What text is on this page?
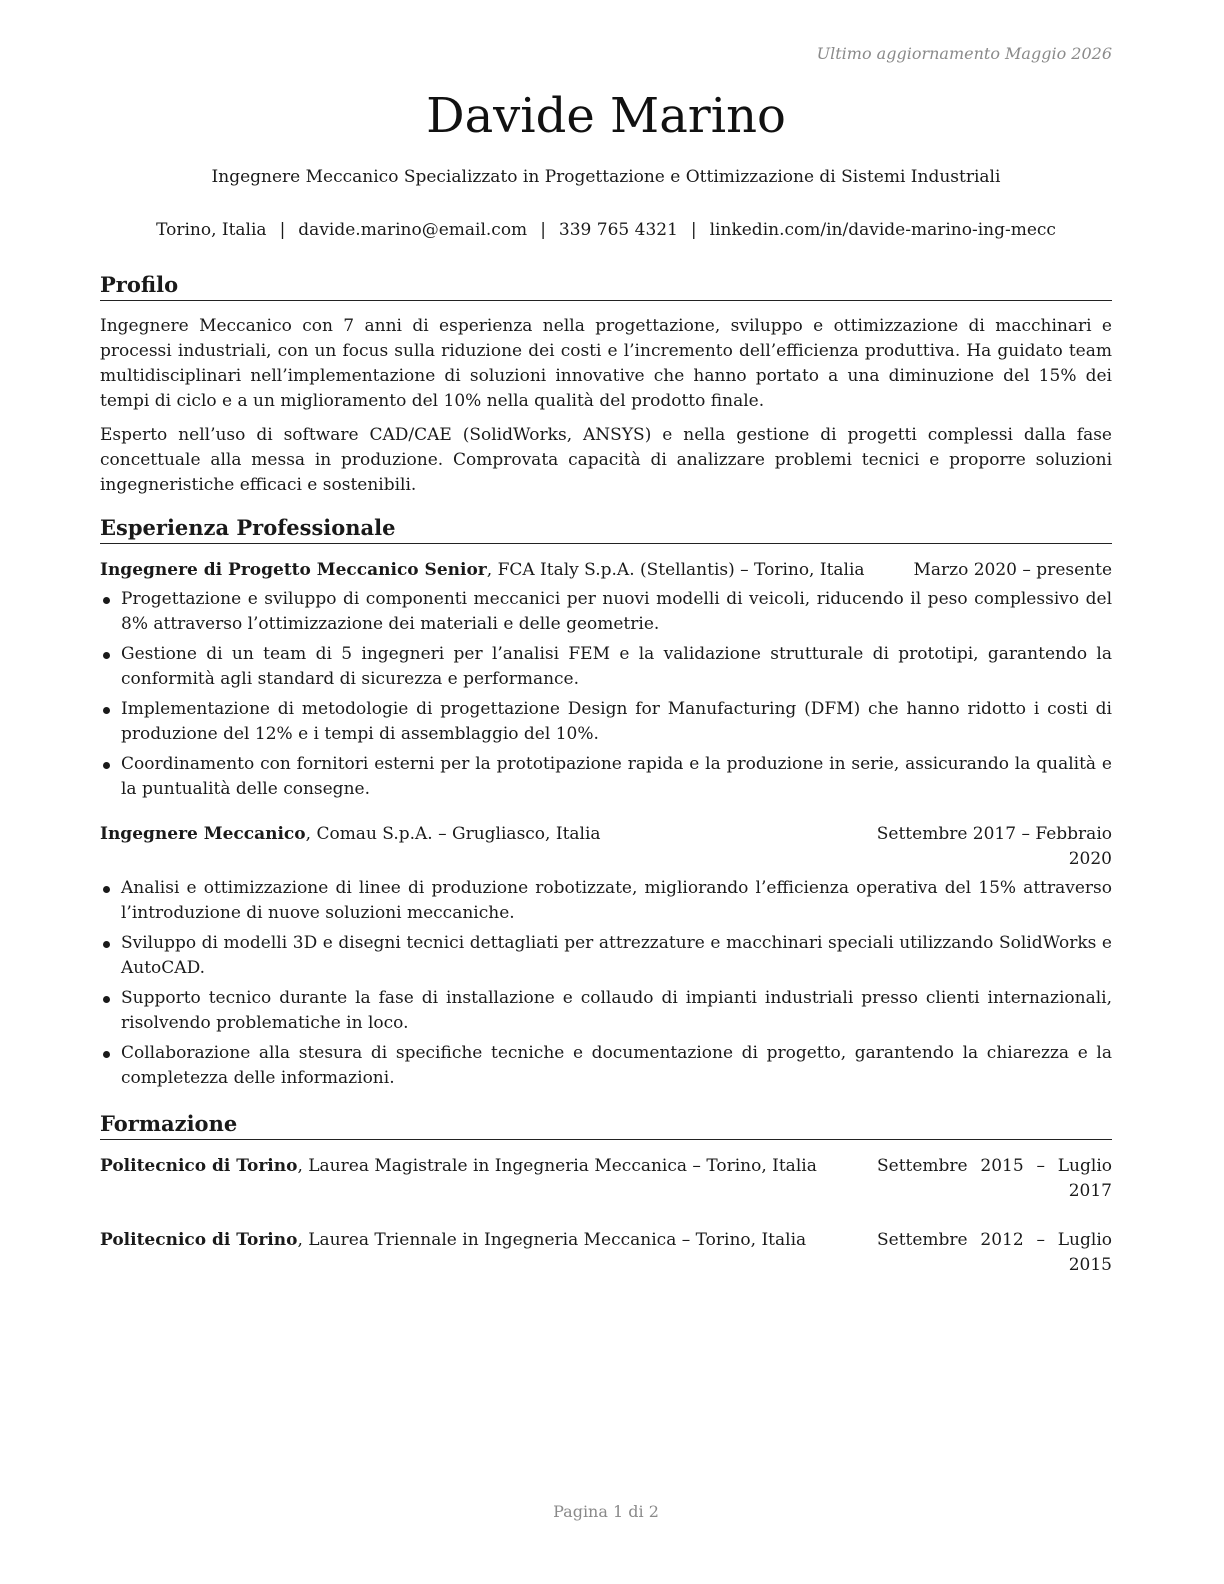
Ultimo aggiornamento Maggio 2026
Davide Marino
Ingegnere Meccanico Specializzato in Progettazione e Ottimizzazione di Sistemi Industriali
Torino, Italia | davide.marino@email.com | 339 765 4321 | linkedin.com/in/davide-marino-ing-mecc
Profilo

Ingegnere Meccanico con 7 anni di esperienza nella progettazione, sviluppo e ottimizzazione di macchinari e processi industriali, con un focus sulla riduzione dei costi e l’incremento dell’efficienza produttiva. Ha guidato team multidisciplinari nell’implementazione di soluzioni innovative che hanno portato a una diminuzione del 15% dei tempi di ciclo e a un miglioramento del 10% nella qualità del prodotto finale.

Esperto nell’uso di software CAD/CAE (SolidWorks, ANSYS) e nella gestione di progetti complessi dalla fase concettuale alla messa in produzione. Comprovata capacità di analizzare problemi tecnici e proporre soluzioni ingegneristiche efficaci e sostenibili.

Esperienza Professionale
Ingegnere di Progetto Meccanico Senior, FCA Italy S.p.A. (Stellantis) – Torino, Italia	Marzo 2020 – presente
Progettazione e sviluppo di componenti meccanici per nuovi modelli di veicoli, riducendo il peso complessivo del 8% attraverso l’ottimizzazione dei materiali e delle geometrie.
Gestione di un team di 5 ingegneri per l’analisi FEM e la validazione strutturale di prototipi, garantendo la conformità agli standard di sicurezza e performance.
Implementazione di metodologie di progettazione Design for Manufacturing (DFM) che hanno ridotto i costi di produzione del 12% e i tempi di assemblaggio del 10%.
Coordinamento con fornitori esterni per la prototipazione rapida e la produzione in serie, assicurando la qualità e la puntualità delle consegne.
Ingegnere Meccanico, Comau S.p.A. – Grugliasco, Italia	Settembre 2017 – Febbraio 2020
Analisi e ottimizzazione di linee di produzione robotizzate, migliorando l’efficienza operativa del 15% attraverso l’introduzione di nuove soluzioni meccaniche.
Sviluppo di modelli 3D e disegni tecnici dettagliati per attrezzature e macchinari speciali utilizzando SolidWorks e AutoCAD.
Supporto tecnico durante la fase di installazione e collaudo di impianti industriali presso clienti internazionali, risolvendo problematiche in loco.
Collaborazione alla stesura di specifiche tecniche e documentazione di progetto, garantendo la chiarezza e la completezza delle informazioni.
Formazione
Politecnico di Torino, Laurea Magistrale in Ingegneria Meccanica – Torino, Italia	Settembre 2015 – Luglio 2017
Politecnico di Torino, Laurea Triennale in Ingegneria Meccanica – Torino, Italia	Settembre 2012 – Luglio 2015
Pagina 1 di 2
